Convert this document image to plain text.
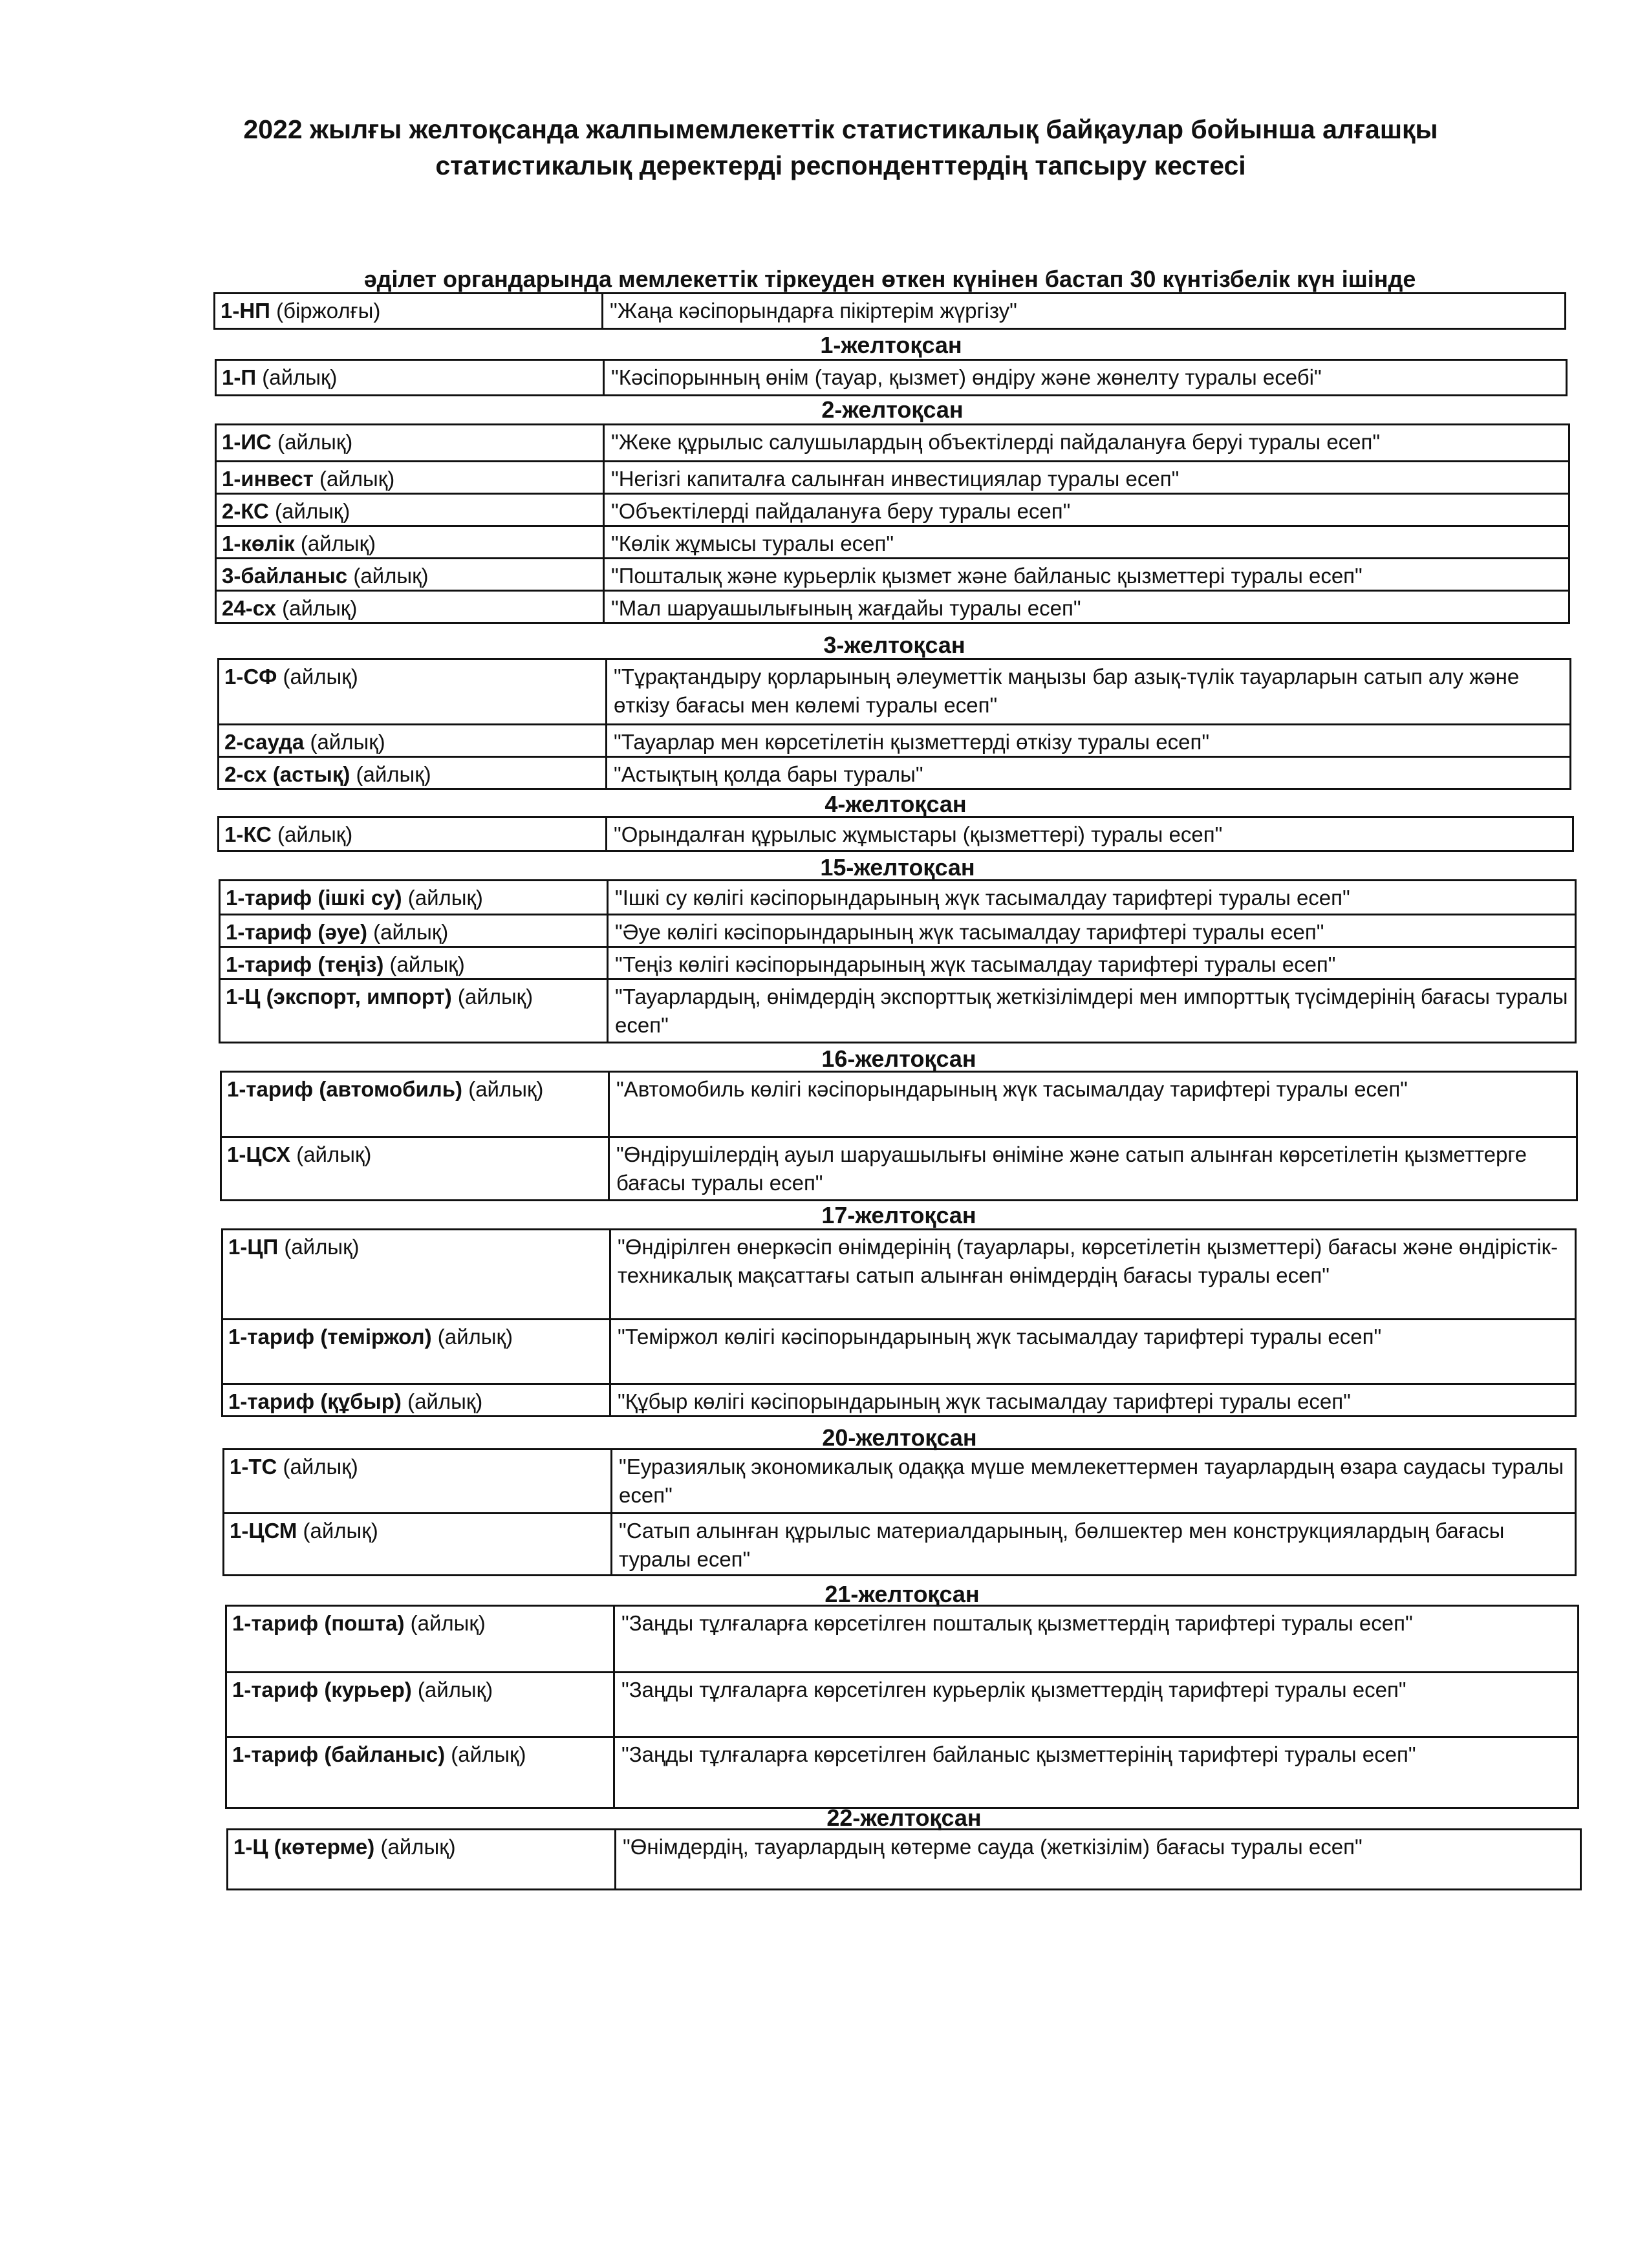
2022 жылғы желтоқсанда жалпымемлекеттік статистикалық байқаулар бойынша алғашқы
статистикалық деректерді респонденттердің тапсыру кестесі
әділет органдарында мемлекеттік тіркеуден өткен күнінен бастап 30 күнтізбелік күн ішінде
1-НП (біржолғы)	"Жаңа кәсіпорындарға пікіртерім жүргізу"
1-желтоқсан
1-П (айлық)	"Кәсіпорынның өнім (тауар, қызмет) өндіру және жөнелту туралы есебі"
2-желтоқсан
1-ИС (айлық)	"Жеке құрылыс салушылардың объектілерді пайдалануға беруі туралы есеп"
1-инвест (айлық)	"Негізгі капиталға салынған инвестициялар туралы есеп"
2-КС (айлық)	"Объектілерді пайдалануға беру туралы есеп"
1-көлік (айлық)	"Көлік жұмысы туралы есеп"
3-байланыс (айлық)	"Пошталық және курьерлік қызмет және байланыс қызметтері туралы есеп"
24-сх (айлық)	"Мал шаруашылығының жағдайы туралы есеп"
3-желтоқсан
1-СФ (айлық)	"Тұрақтандыру қорларының әлеуметтік маңызы бар азық-түлік тауарларын сатып алу және өткізу бағасы мен көлемі туралы есеп"
2-сауда (айлық)	"Тауарлар мен көрсетілетін қызметтерді өткізу туралы есеп"
2-сх (астық) (айлық)	"Астықтың қолда бары туралы"
4-желтоқсан
1-КС (айлық)	"Орындалған құрылыс жұмыстары (қызметтері) туралы есеп"
15-желтоқсан
1-тариф (ішкі су) (айлық)	"Ішкі су көлігі кәсіпорындарының жүк тасымалдау тарифтері туралы есеп"
1-тариф (әуе) (айлық)	"Әуе көлігі кәсіпорындарының жүк тасымалдау тарифтері туралы есеп"
1-тариф (теңіз) (айлық)	"Теңіз көлігі кәсіпорындарының жүк тасымалдау тарифтері туралы есеп"
1-Ц (экспорт, импорт) (айлық)	"Тауарлардың, өнімдердің экспорттық жеткізілімдері мен импорттық түсімдерінің бағасы туралы есеп"
16-желтоқсан
1-тариф (автомобиль) (айлық)	"Автомобиль көлігі кәсіпорындарының жүк тасымалдау тарифтері туралы есеп"
1-ЦСХ (айлық)	"Өндірушілердің ауыл шаруашылығы өніміне және сатып алынған көрсетілетін қызметтерге бағасы туралы есеп"
17-желтоқсан
1-ЦП (айлық)	"Өндірілген өнеркәсіп өнімдерінің (тауарлары, көрсетілетін қызметтері) бағасы және өндірістік-техникалық мақсаттағы сатып алынған өнімдердің бағасы туралы есеп"
1-тариф (теміржол) (айлық)	"Теміржол көлігі кәсіпорындарының жүк тасымалдау тарифтері туралы есеп"
1-тариф (құбыр) (айлық)	"Құбыр көлігі кәсіпорындарының жүк тасымалдау тарифтері туралы есеп"
20-желтоқсан
1-ТС (айлық)	"Еуразиялық экономикалық одаққа мүше мемлекеттермен тауарлардың өзара саудасы туралы есеп"
1-ЦСМ (айлық)	"Сатып алынған құрылыс материалдарының, бөлшектер мен конструкциялардың бағасы туралы есеп"
21-желтоқсан
1-тариф (пошта) (айлық)	"Заңды тұлғаларға көрсетілген пошталық қызметтердің тарифтері туралы есеп"
1-тариф (курьер) (айлық)	"Заңды тұлғаларға көрсетілген курьерлік қызметтердің тарифтері туралы есеп"
1-тариф (байланыс) (айлық)	"Заңды тұлғаларға көрсетілген байланыс қызметтерінің тарифтері туралы есеп"
22-желтоқсан
1-Ц (көтерме) (айлық)	"Өнімдердің, тауарлардың көтерме сауда (жеткізілім) бағасы туралы есеп"
